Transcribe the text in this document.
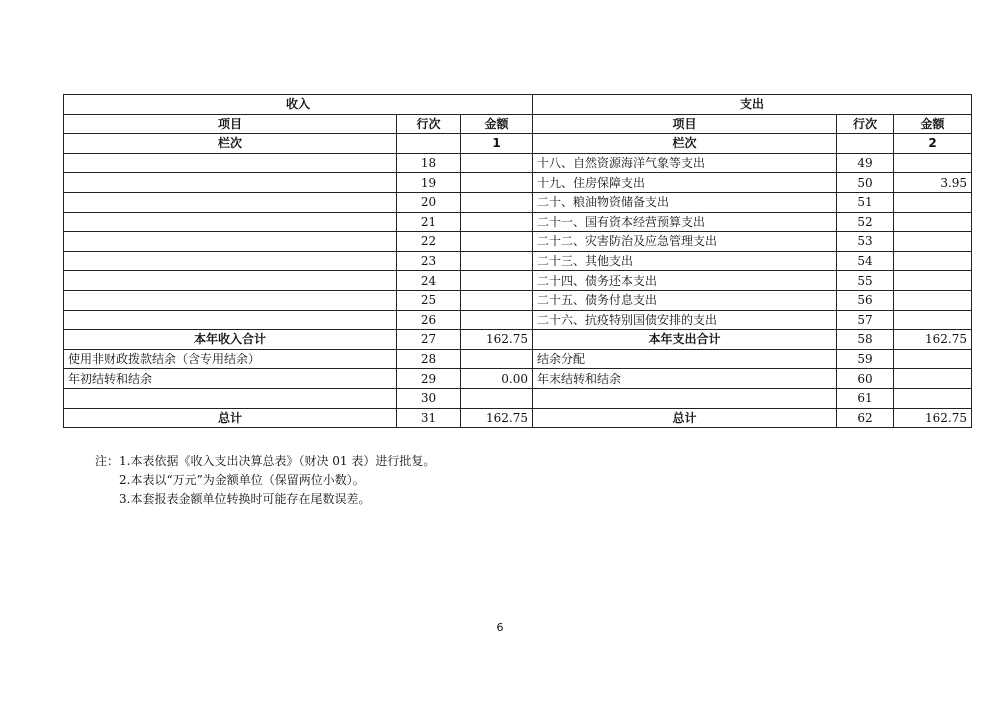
收入			支出		
项目	行次	金额	项目	行次	金额
栏次		1	栏次		2
	18		十八、自然资源海洋气象等支出	49	
	19		十九、住房保障支出	50	3.95
	20		二十、粮油物资储备支出	51	
	21		二十一、国有资本经营预算支出	52	
	22		二十二、灾害防治及应急管理支出	53	
	23		二十三、其他支出	54	
	24		二十四、债务还本支出	55	
	25		二十五、债务付息支出	56	
	26		二十六、抗疫特别国债安排的支出	57	
本年收入合计	27	162.75	本年支出合计	58	162.75
使用非财政拨款结余（含专用结余）	28		结余分配	59	
年初结转和结余	29	0.00	年末结转和结余	60	
	30			61	
总计	31	162.75	总计	62	162.75
注：1.本表依据《收入支出决算总表》（财决 01 表）进行批复。
2.本表以“万元”为金额单位（保留两位小数）。
3.本套报表金额单位转换时可能存在尾数误差。
6
